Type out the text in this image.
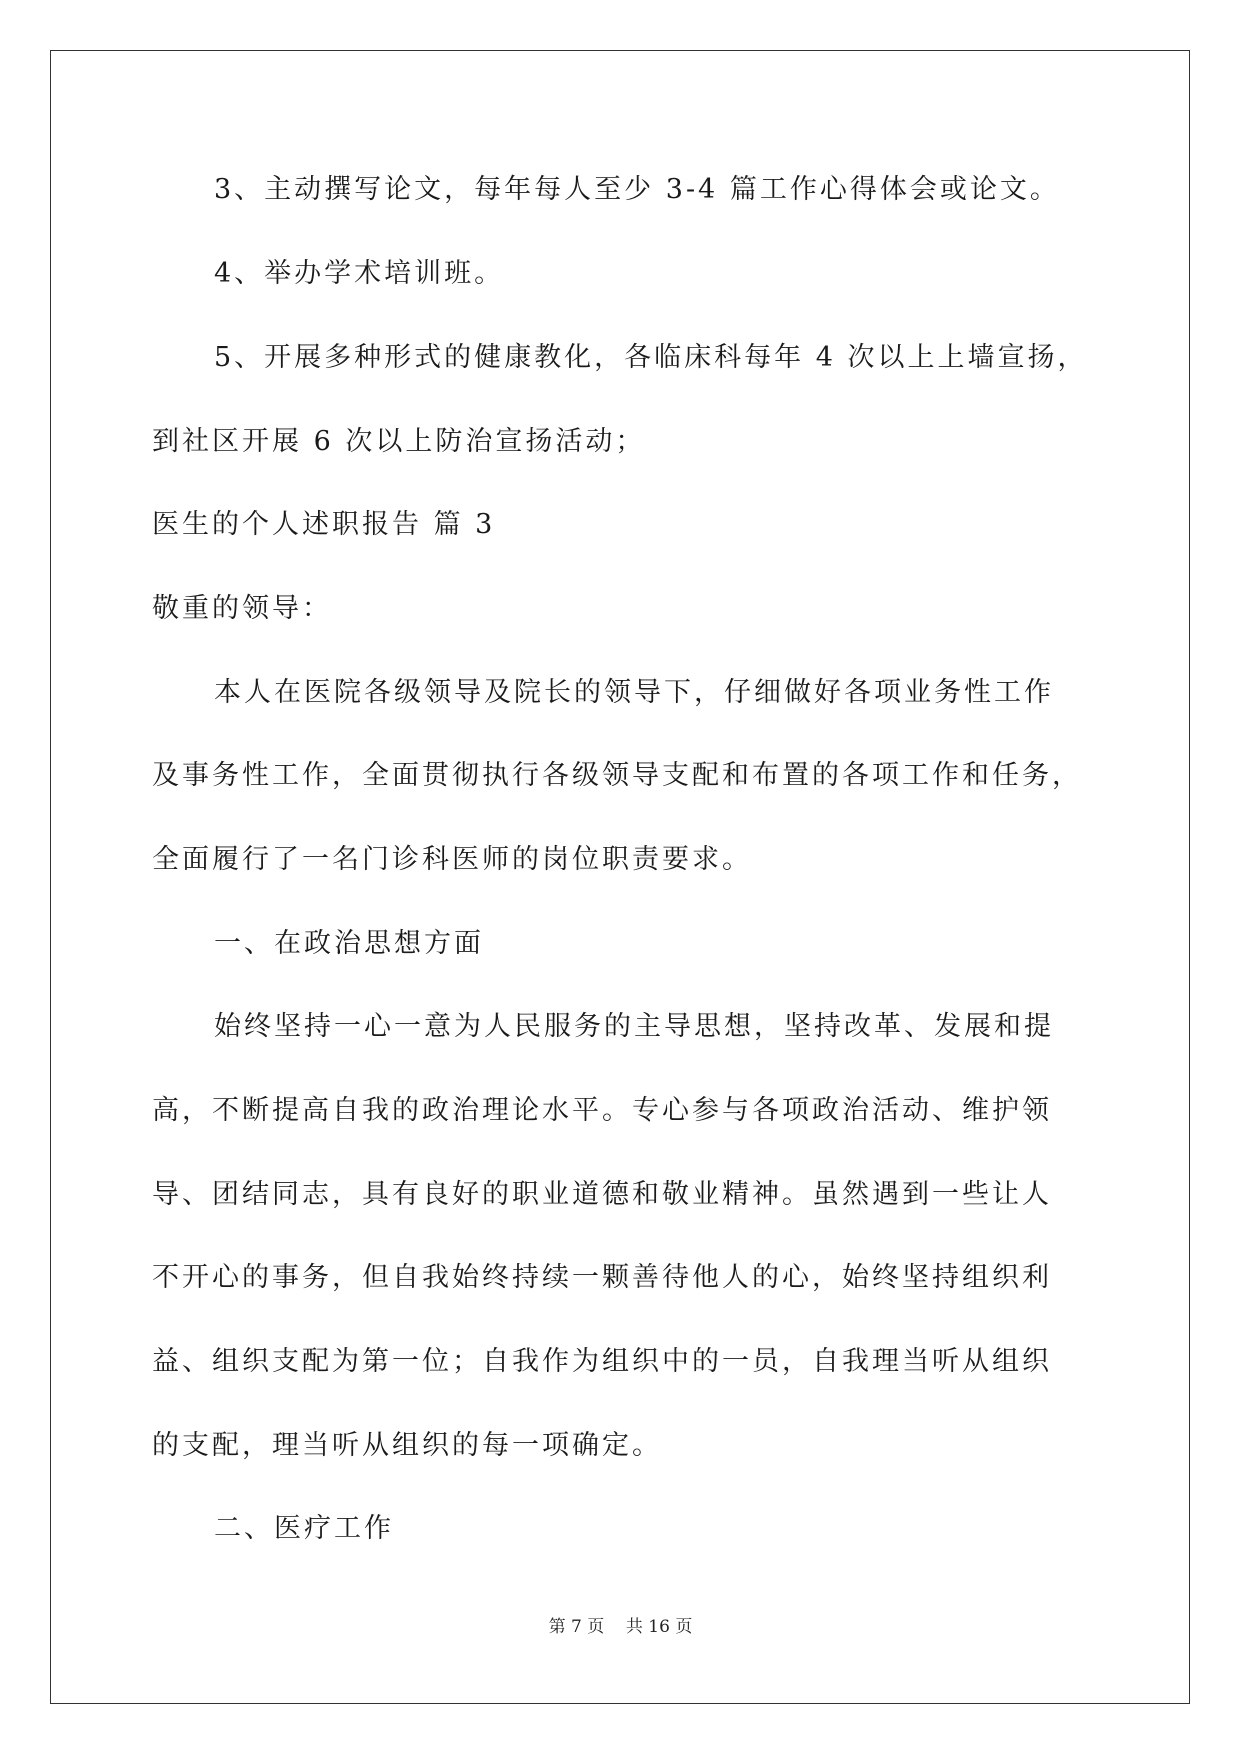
3、主动撰写论文，每年每人至少 3-4 篇工作心得体会或论文。
4、举办学术培训班。
5、开展多种形式的健康教化，各临床科每年 4 次以上上墙宣扬，
到社区开展 6 次以上防治宣扬活动；
医生的个人述职报告 篇 3
敬重的领导：
本人在医院各级领导及院长的领导下，仔细做好各项业务性工作
及事务性工作，全面贯彻执行各级领导支配和布置的各项工作和任务，
全面履行了一名门诊科医师的岗位职责要求。
一、在政治思想方面
始终坚持一心一意为人民服务的主导思想，坚持改革、发展和提
高，不断提高自我的政治理论水平。专心参与各项政治活动、维护领
导、团结同志，具有良好的职业道德和敬业精神。虽然遇到一些让人
不开心的事务，但自我始终持续一颗善待他人的心，始终坚持组织利
益、组织支配为第一位；自我作为组织中的一员，自我理当听从组织
的支配，理当听从组织的每一项确定。
二、医疗工作
第 7 页    共 16 页
